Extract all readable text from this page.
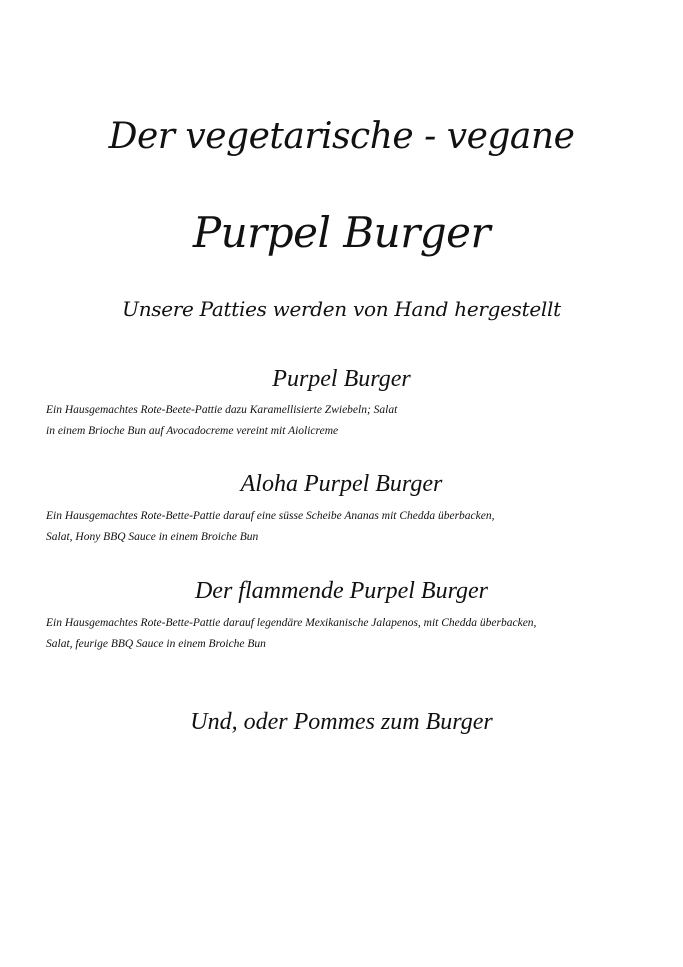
Der vegetarische - vegane
Purpel Burger
Unsere Patties werden von Hand hergestellt
Purpel Burger
Ein Hausgemachtes Rote-Beete-Pattie dazu Karamellisierte Zwiebeln; Salat
in einem Brioche Bun auf Avocadocreme vereint mit Aiolicreme
Aloha Purpel Burger
Ein Hausgemachtes Rote-Bette-Pattie darauf eine süsse Scheibe Ananas mit Chedda überbacken,
Salat, Hony BBQ Sauce in einem Broiche Bun
Der flammende Purpel Burger
Ein Hausgemachtes Rote-Bette-Pattie darauf legendäre Mexikanische Jalapenos, mit Chedda überbacken,
Salat, feurige BBQ Sauce in einem Broiche Bun
Und, oder Pommes zum Burger
